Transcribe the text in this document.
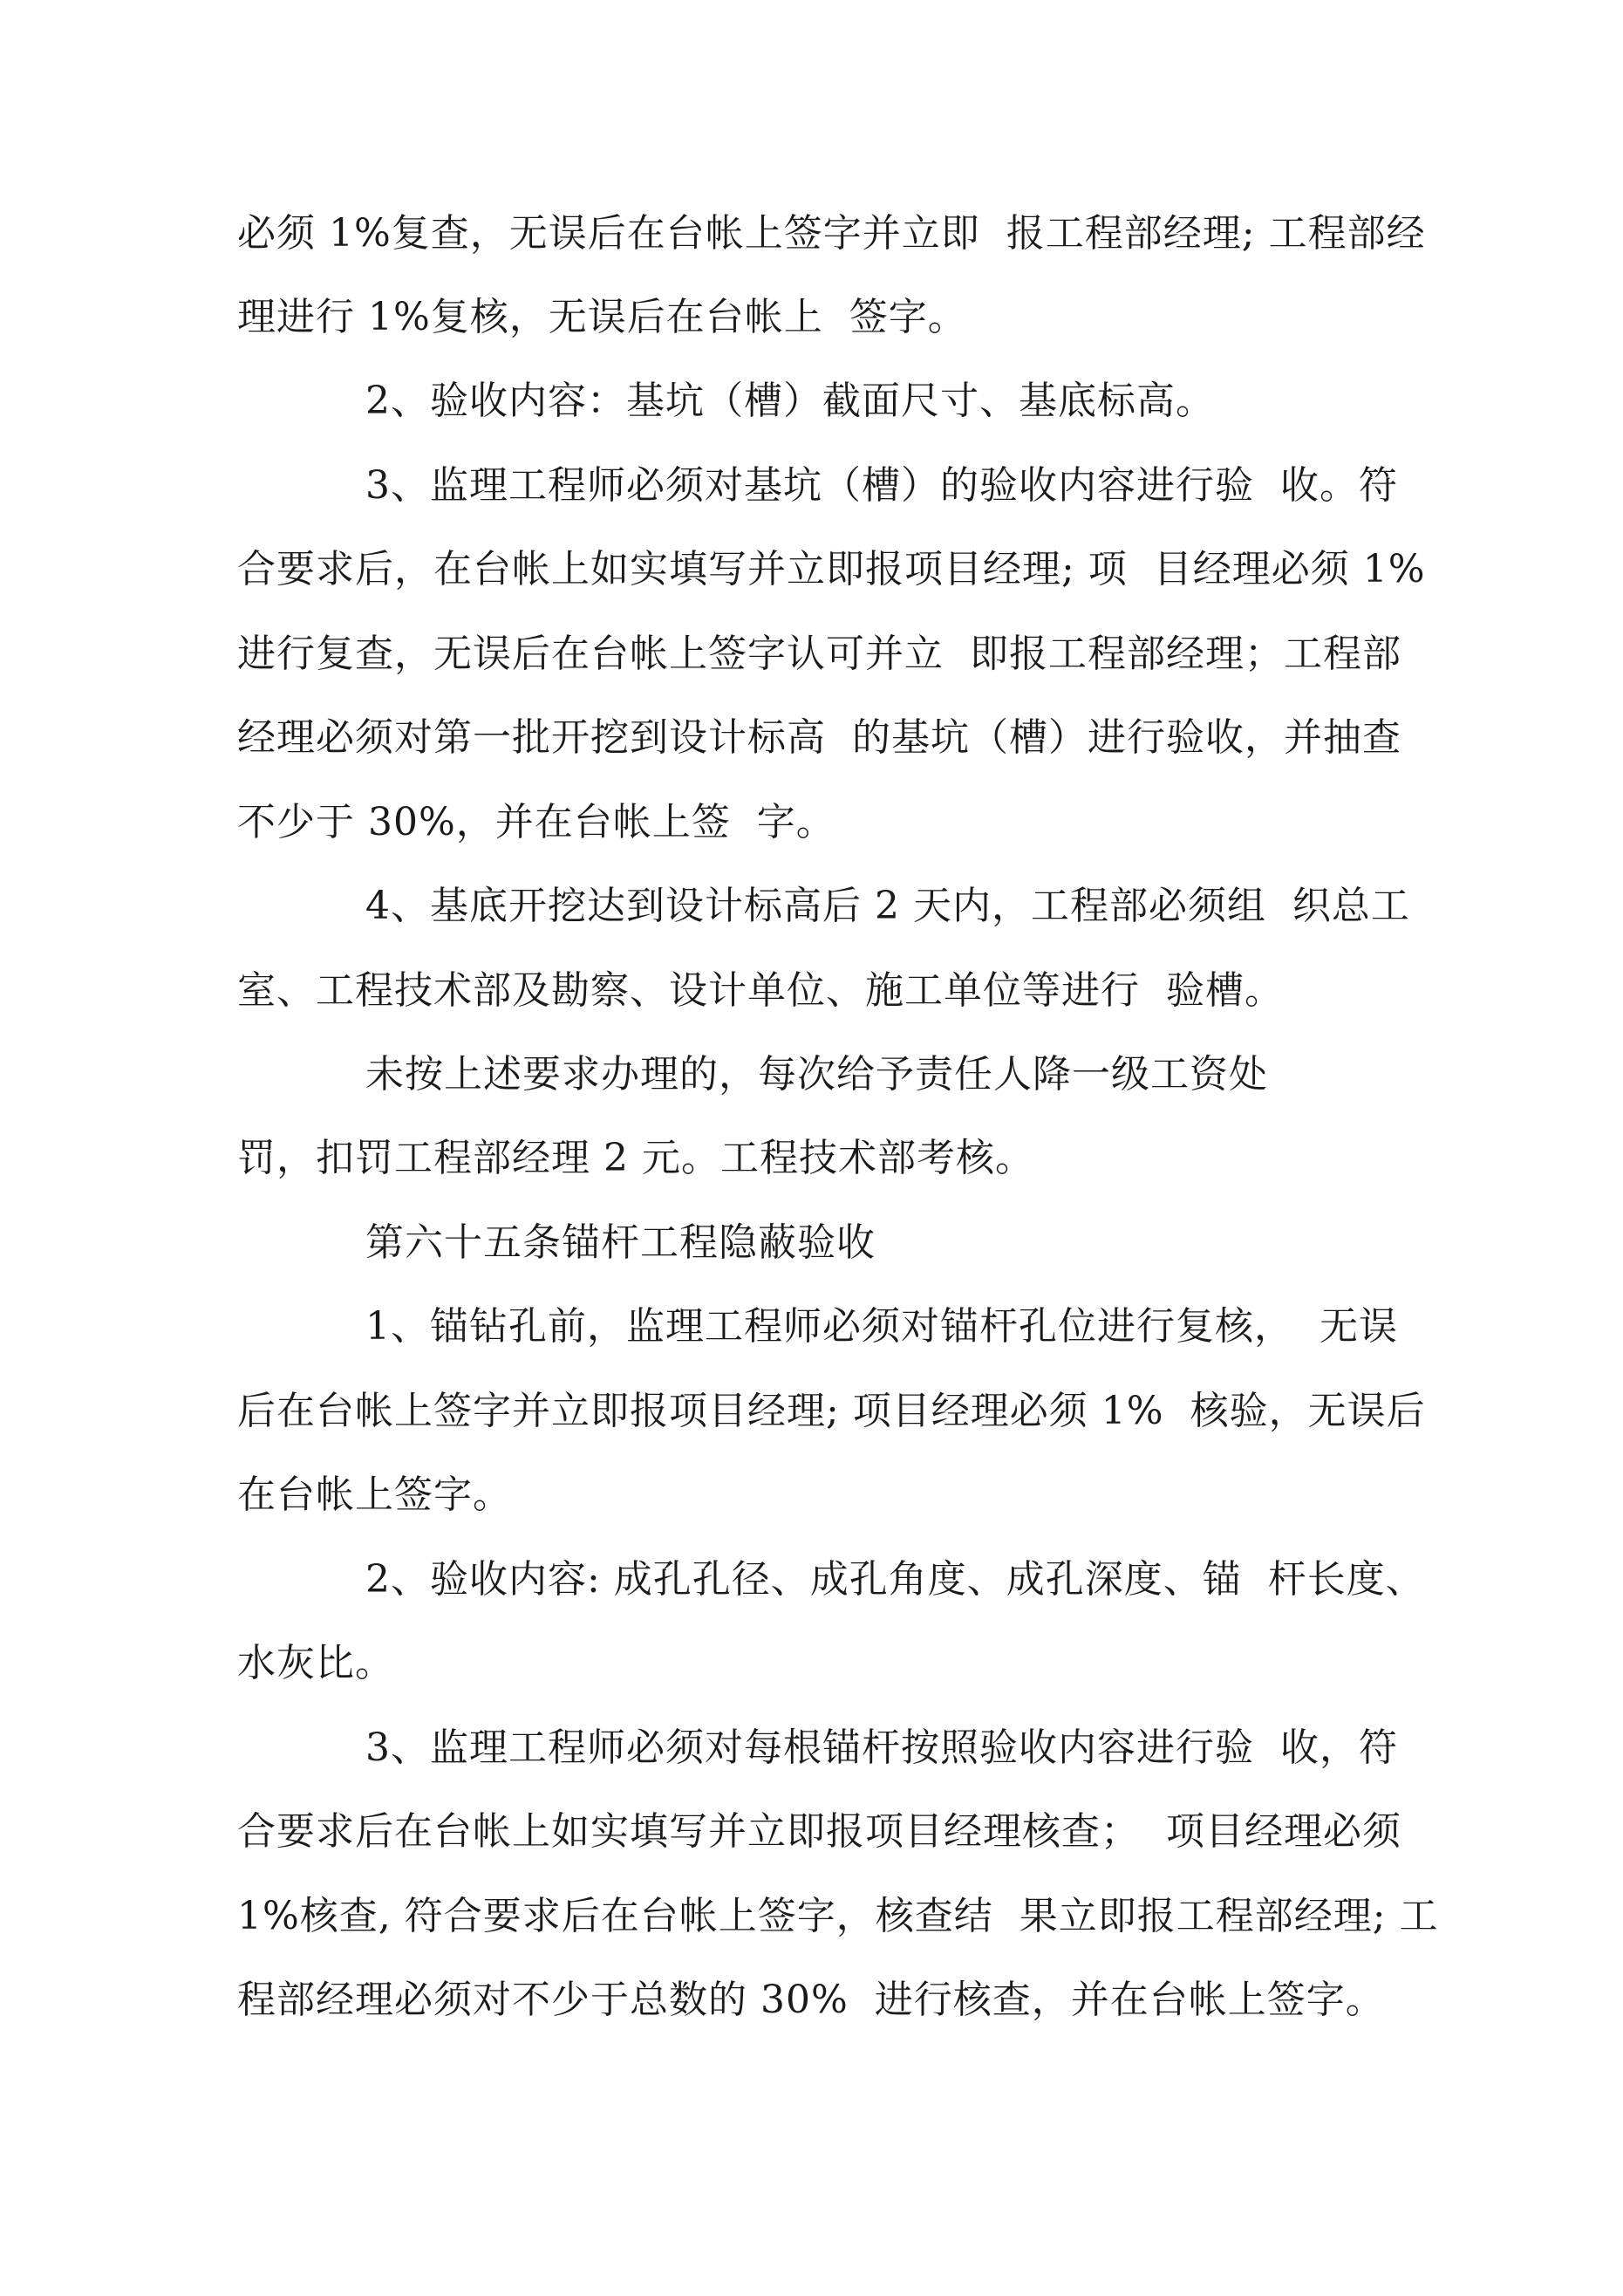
必须 1%复查，无误后在台帐上签字并立即  报工程部经理; 工程部经
理进行 1%复核，无误后在台帐上  签字。
2、验收内容：基坑（槽）截面尺寸、基底标高。
3、监理工程师必须对基坑（槽）的验收内容进行验  收。符
合要求后，在台帐上如实填写并立即报项目经理; 项  目经理必须 1%
进行复查，无误后在台帐上签字认可并立  即报工程部经理；工程部
经理必须对第一批开挖到设计标高  的基坑（槽）进行验收，并抽查
不少于 30%，并在台帐上签  字。
4、基底开挖达到设计标高后 2 天内，工程部必须组  织总工
室、工程技术部及勘察、设计单位、施工单位等进行  验槽。
未按上述要求办理的，每次给予责任人降一级工资处
罚，扣罚工程部经理 2 元。工程技术部考核。
第六十五条锚杆工程隐蔽验收
1、锚钻孔前，监理工程师必须对锚杆孔位进行复核，  无误
后在台帐上签字并立即报项目经理; 项目经理必须 1%  核验，无误后
在台帐上签字。
2、验收内容: 成孔孔径、成孔角度、成孔深度、锚  杆长度、
水灰比。
3、监理工程师必须对每根锚杆按照验收内容进行验  收，符
合要求后在台帐上如实填写并立即报项目经理核查；  项目经理必须
1%核查, 符合要求后在台帐上签字，核查结  果立即报工程部经理; 工
程部经理必须对不少于总数的 30%  进行核查，并在台帐上签字。
